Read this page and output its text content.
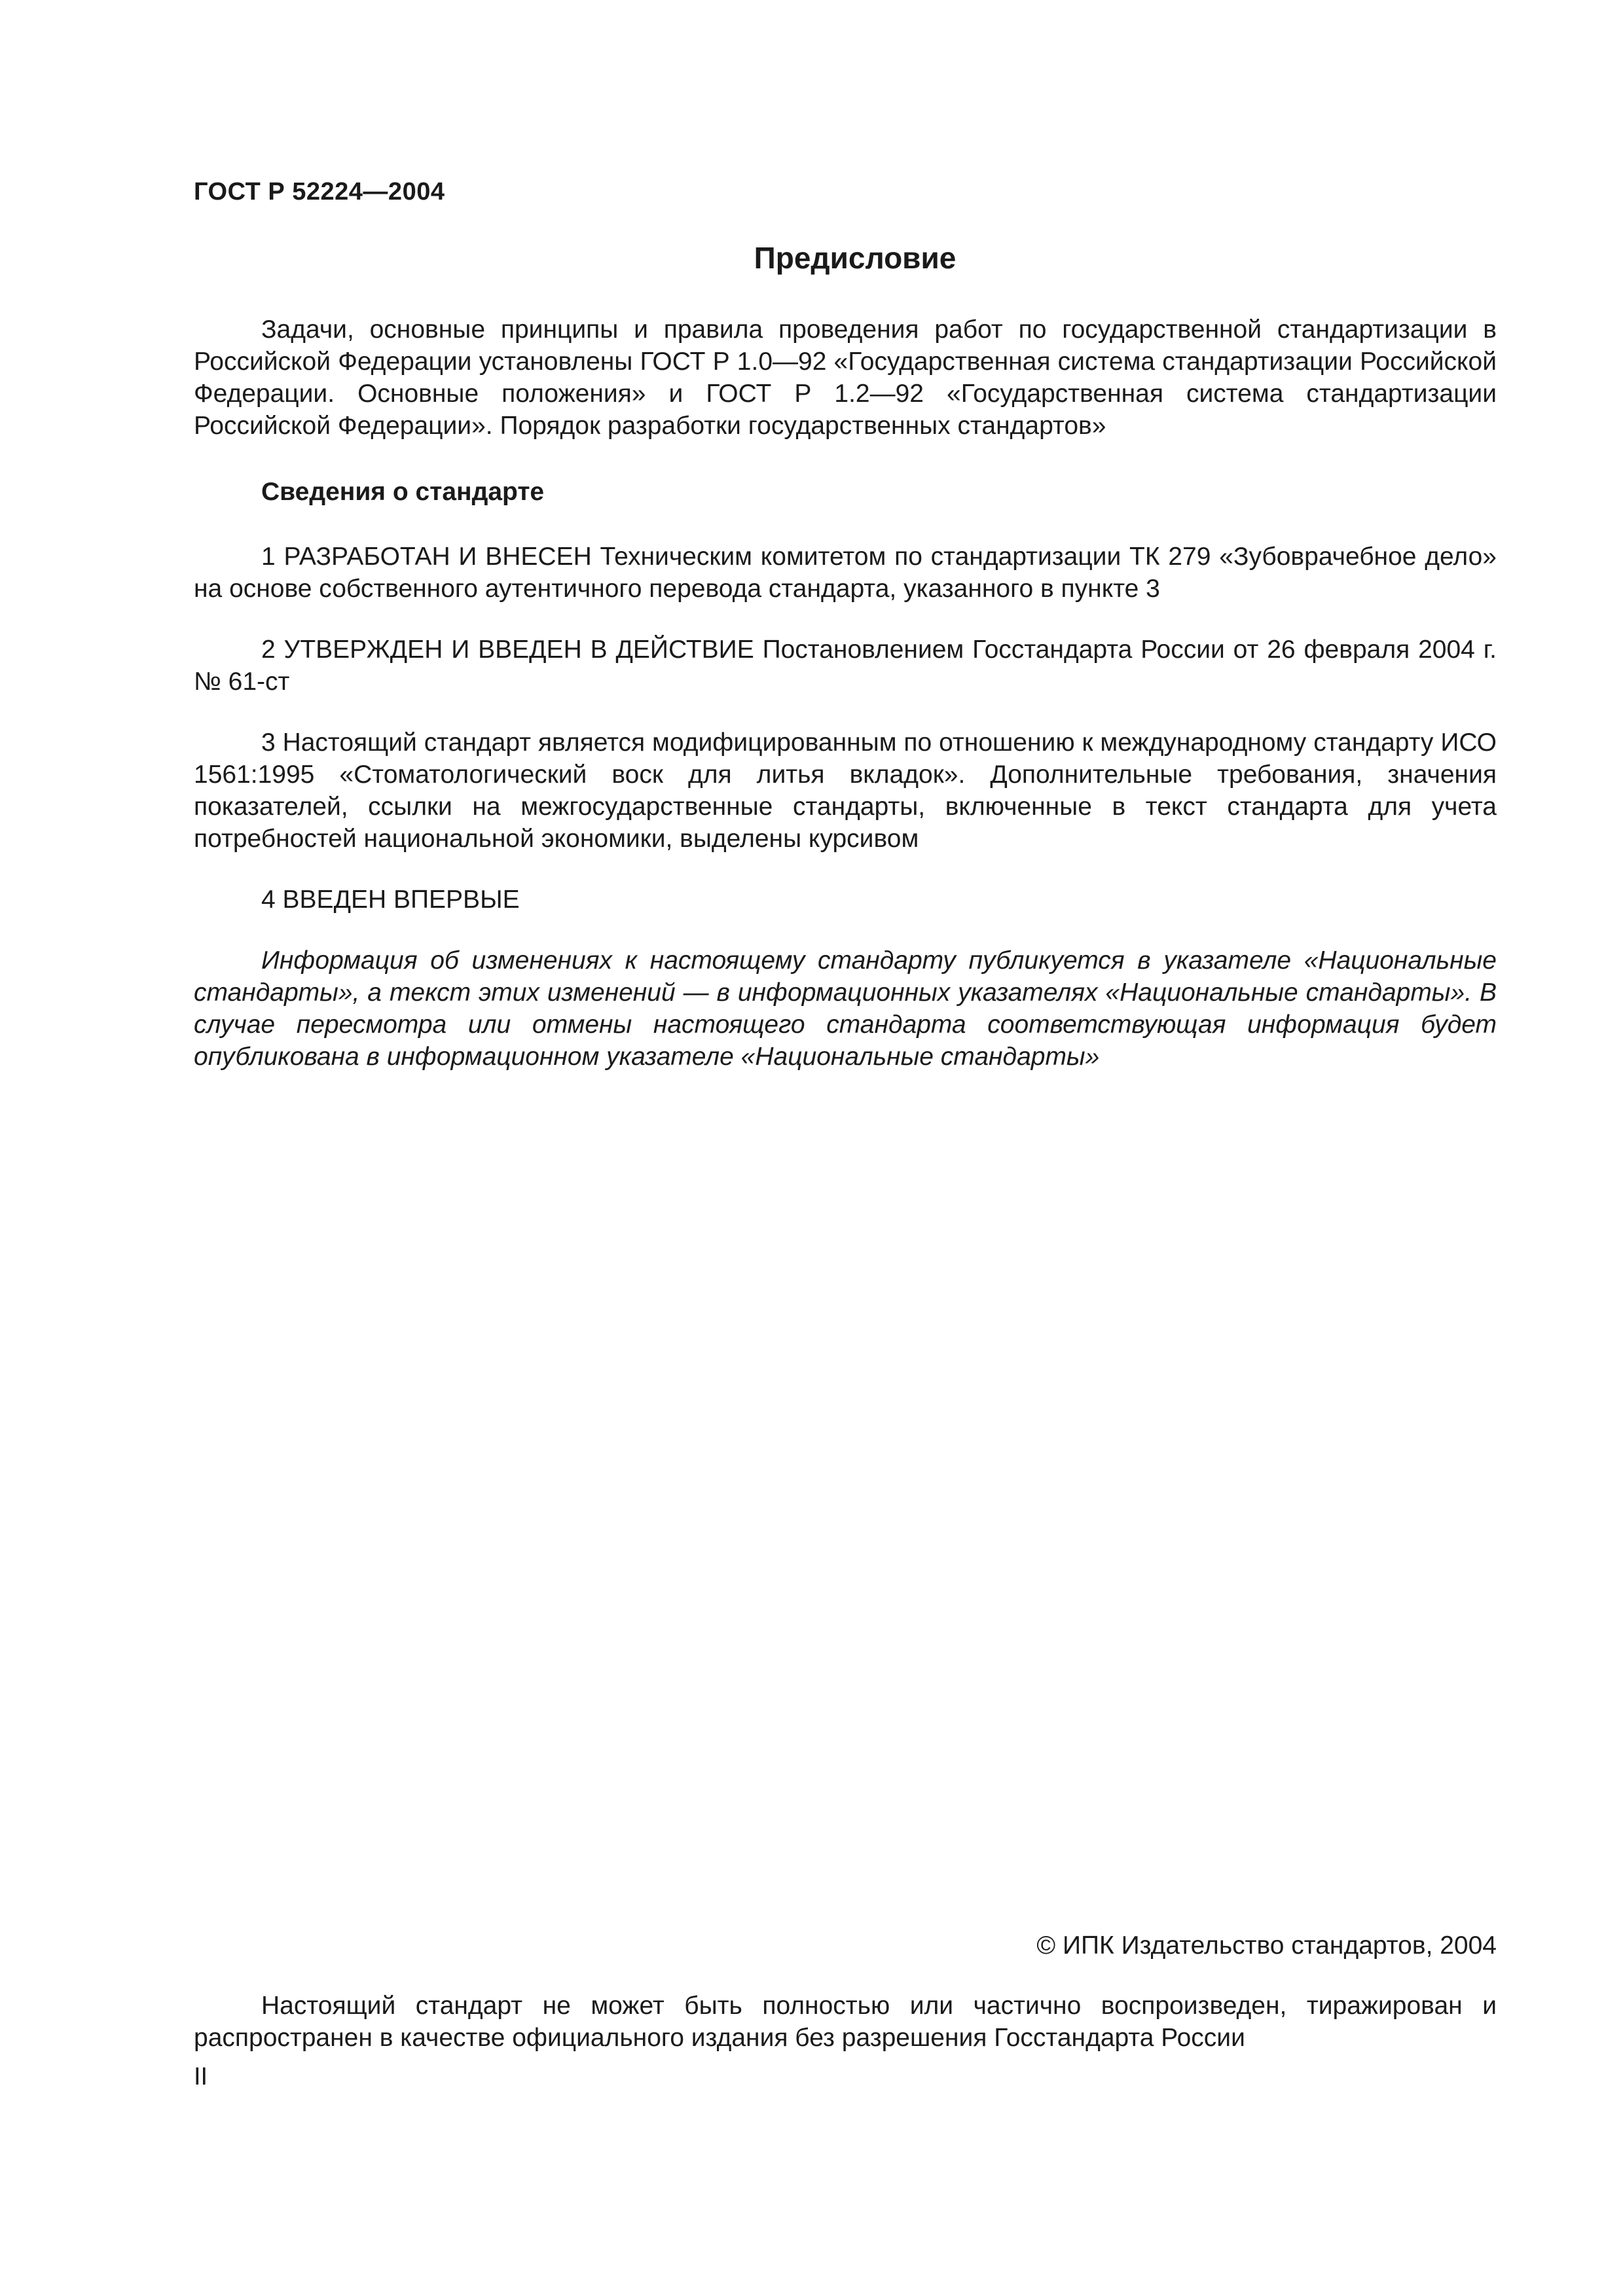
ГОСТ Р 52224—2004
Предисловие

Задачи, основные принципы и правила проведения работ по государственной стандартизации в Российской Федерации установлены ГОСТ Р 1.0—92 «Государственная система стандартизации Российской Федерации. Основные положения» и ГОСТ Р 1.2—92 «Государственная система стандартизации Российской Федерации». Порядок разработки государственных стандартов»

Сведения о стандарте

1 РАЗРАБОТАН И ВНЕСЕН Техническим комитетом по стандартизации ТК 279 «Зубоврачебное дело» на основе собственного аутентичного перевода стандарта, указанного в пункте 3

2 УТВЕРЖДЕН И ВВЕДЕН В ДЕЙСТВИЕ Постановлением Госстандарта России от 26 февраля 2004 г. № 61-ст

3 Настоящий стандарт является модифицированным по отношению к международному стандарту ИСО 1561:1995 «Стоматологический воск для литья вкладок». Дополнительные требования, значения показателей, ссылки на межгосударственные стандарты, включенные в текст стандарта для учета потребностей национальной экономики, выделены курсивом

4 ВВЕДЕН ВПЕРВЫЕ

Информация об изменениях к настоящему стандарту публикуется в указателе «Национальные стандарты», а текст этих изменений — в информационных указателях «Национальные стандарты». В случае пересмотра или отмены настоящего стандарта соответствующая информация будет опубликована в информационном указателе «Национальные стандарты»

© ИПК Издательство стандартов, 2004
Настоящий стандарт не может быть полностью или частично воспроизведен, тиражирован и распространен в качестве официального издания без разрешения Госстандарта России
II
